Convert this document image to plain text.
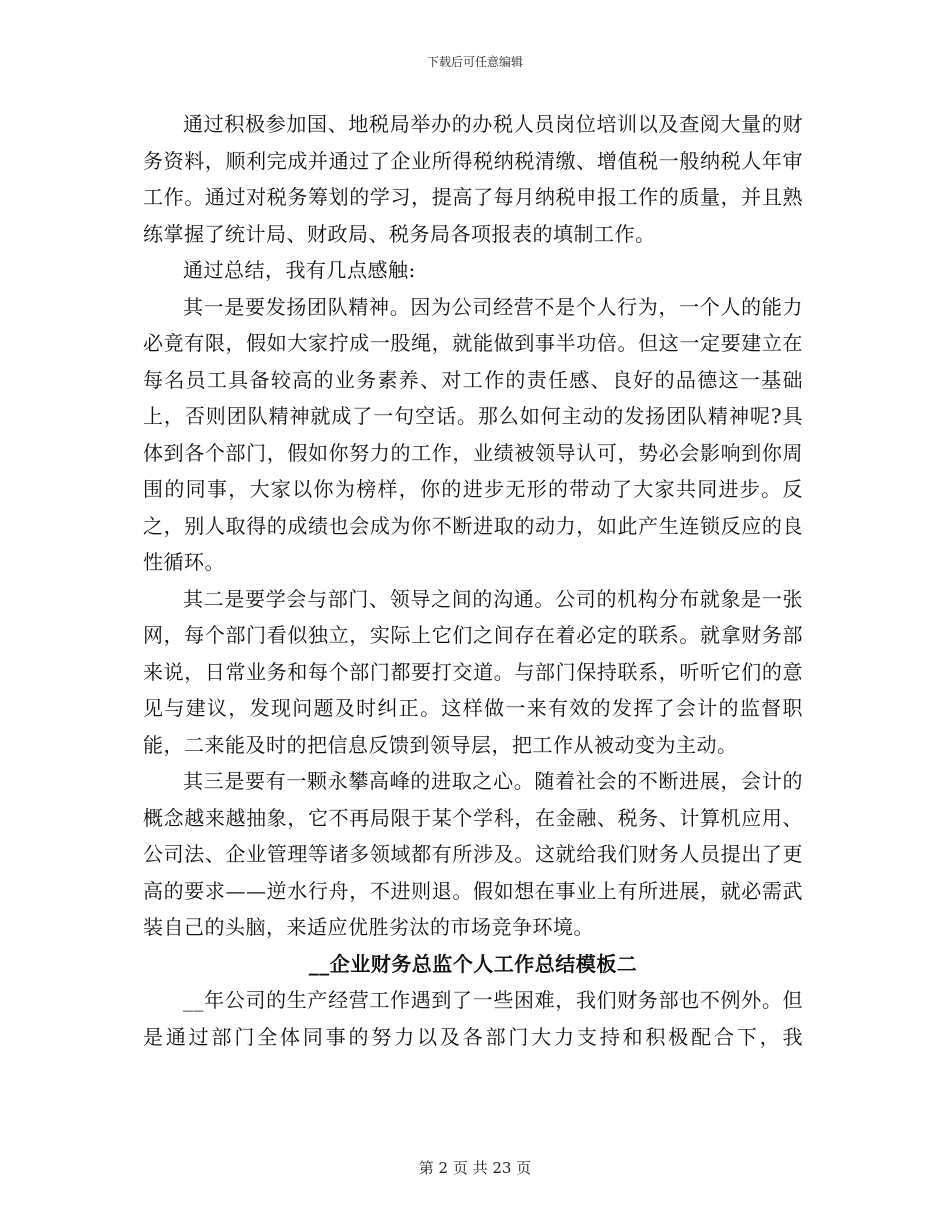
下载后可任意编辑

通过积极参加国、地税局举办的办税人员岗位培训以及查阅大量的财务资料，顺利完成并通过了企业所得税纳税清缴、增值税一般纳税人年审工作。通过对税务筹划的学习，提高了每月纳税申报工作的质量，并且熟练掌握了统计局、财政局、税务局各项报表的填制工作。

通过总结，我有几点感触:

其一是要发扬团队精神。因为公司经营不是个人行为，一个人的能力必竟有限，假如大家拧成一股绳，就能做到事半功倍。但这一定要建立在每名员工具备较高的业务素养、对工作的责任感、良好的品德这一基础上，否则团队精神就成了一句空话。那么如何主动的发扬团队精神呢?具体到各个部门，假如你努力的工作，业绩被领导认可，势必会影响到你周围的同事，大家以你为榜样，你的进步无形的带动了大家共同进步。反之，别人取得的成绩也会成为你不断进取的动力，如此产生连锁反应的良性循环。

其二是要学会与部门、领导之间的沟通。公司的机构分布就象是一张网，每个部门看似独立，实际上它们之间存在着必定的联系。就拿财务部来说，日常业务和每个部门都要打交道。与部门保持联系，听听它们的意见与建议，发现问题及时纠正。这样做一来有效的发挥了会计的监督职能，二来能及时的把信息反馈到领导层，把工作从被动变为主动。

其三是要有一颗永攀高峰的进取之心。随着社会的不断进展，会计的概念越来越抽象，它不再局限于某个学科，在金融、税务、计算机应用、公司法、企业管理等诸多领域都有所涉及。这就给我们财务人员提出了更高的要求——逆水行舟，不进则退。假如想在事业上有所进展，就必需武装自己的头脑，来适应优胜劣汰的市场竞争环境。

__企业财务总监个人工作总结模板二

__年公司的生产经营工作遇到了一些困难，我们财务部也不例外。但是通过部门全体同事的努力以及各部门大力支持和积极配合下，我

第 2 页 共 23 页
